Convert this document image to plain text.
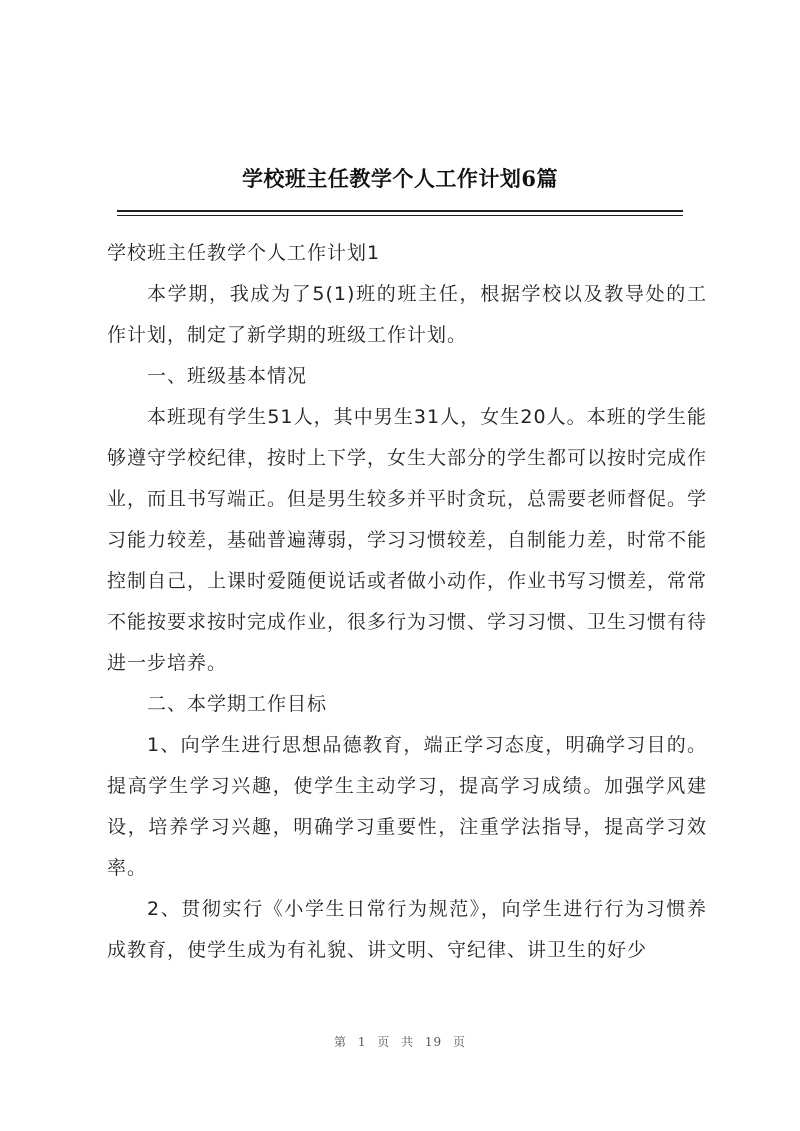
学校班主任教学个人工作计划6篇

学校班主任教学个人工作计划1

本学期，我成为了5(1)班的班主任，根据学校以及教导处的工作计划，制定了新学期的班级工作计划。

一、班级基本情况

本班现有学生51人，其中男生31人，女生20人。本班的学生能够遵守学校纪律，按时上下学，女生大部分的学生都可以按时完成作业，而且书写端正。但是男生较多并平时贪玩，总需要老师督促。学习能力较差，基础普遍薄弱，学习习惯较差，自制能力差，时常不能控制自己，上课时爱随便说话或者做小动作，作业书写习惯差，常常不能按要求按时完成作业，很多行为习惯、学习习惯、卫生习惯有待进一步培养。

二、本学期工作目标

1、向学生进行思想品德教育，端正学习态度，明确学习目的。提高学生学习兴趣，使学生主动学习，提高学习成绩。加强学风建设，培养学习兴趣，明确学习重要性，注重学法指导，提高学习效率。

2、贯彻实行《小学生日常行为规范》，向学生进行行为习惯养成教育，使学生成为有礼貌、讲文明、守纪律、讲卫生的好少

第 1 页 共 19 页
